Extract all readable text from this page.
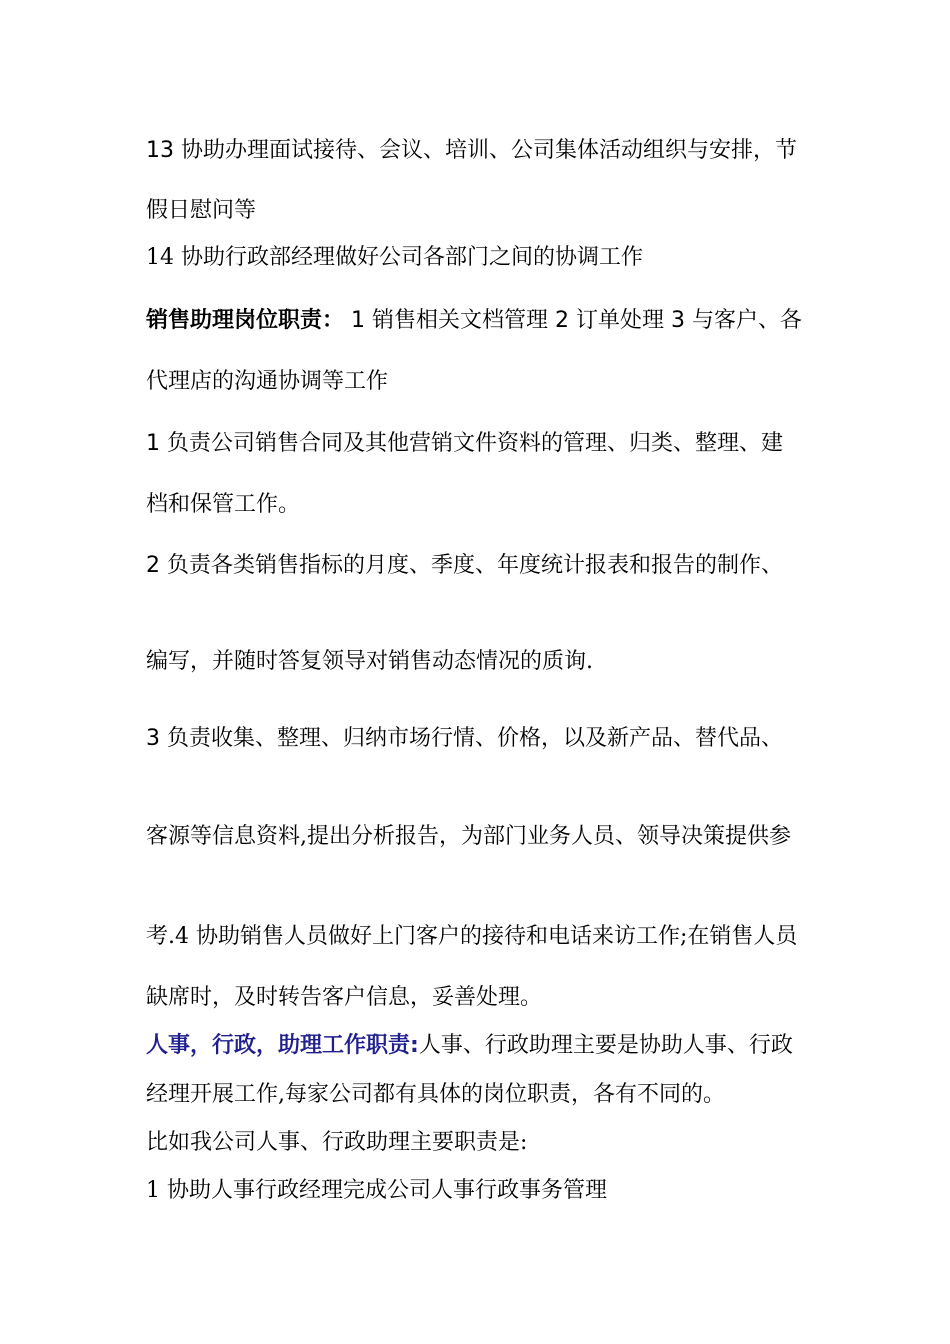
13 协助办理面试接待、会议、培训、公司集体活动组织与安排，节
假日慰问等
14 协助行政部经理做好公司各部门之间的协调工作
销售助理岗位职责： 1 销售相关文档管理 2 订单处理 3 与客户、各
代理店的沟通协调等工作
1 负责公司销售合同及其他营销文件资料的管理、归类、整理、建
档和保管工作。
2 负责各类销售指标的月度、季度、年度统计报表和报告的制作、
编写，并随时答复领导对销售动态情况的质询.
3 负责收集、整理、归纳市场行情、价格，以及新产品、替代品、
客源等信息资料,提出分析报告，为部门业务人员、领导决策提供参
考.4 协助销售人员做好上门客户的接待和电话来访工作;在销售人员
缺席时，及时转告客户信息，妥善处理。
人事，行政，助理工作职责:人事、行政助理主要是协助人事、行政
经理开展工作,每家公司都有具体的岗位职责，各有不同的。
比如我公司人事、行政助理主要职责是:
1 协助人事行政经理完成公司人事行政事务管理
